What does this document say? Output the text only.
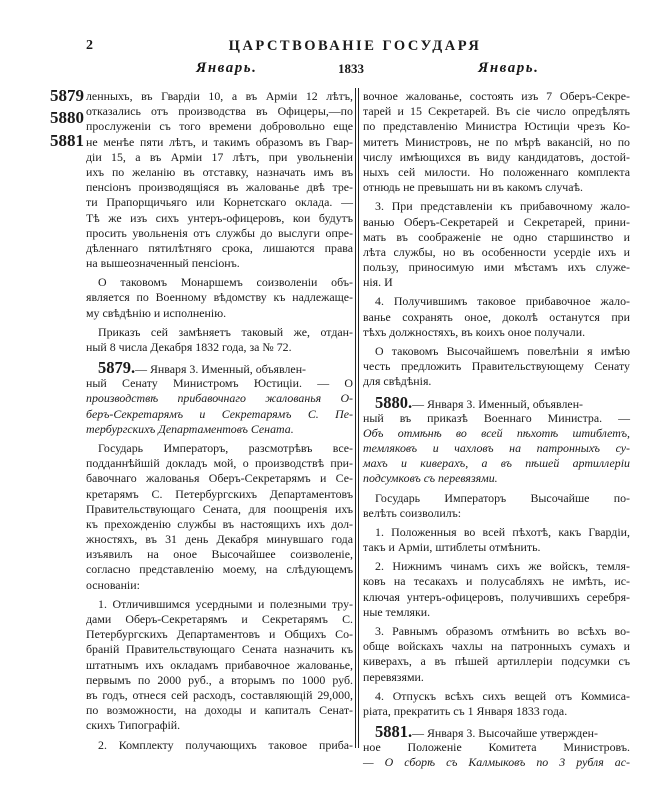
2	ЦАРСТВОВАНІЕ ГОСУДАРЯ
Январь.	1833	Январь.
5879
5880
5881
ленныхъ, въ Гвардіи 10, а въ Арміи 12 лѣтъ,
отказались отъ производства въ Офицеры,—по
прослуженіи съ того времени добровольно еще
не менѣе пяти лѣтъ, и такимъ образомъ въ Гвар-
діи 15, а въ Арміи 17 лѣтъ, при увольненіи
ихъ по желанію въ отставку, назначать имъ въ
пенсіонъ производящіяся въ жалованье двѣ тре-
ти Прапорщичьяго или Корнетскаго оклада. —
Тѣ же изъ сихъ унтеръ-офицеровъ, кои будутъ
просить увольненія отъ службы до выслуги опре-
дѣленнаго пятилѣтняго срока, лишаются права
на вышеозначенный пенсіонъ.
О таковомъ Монаршемъ соизволеніи объ-
является по Военному вѣдомству къ надлежаще-
му свѣдѣнію и исполненію.
Приказъ сей замѣняетъ таковый же, отдан-
ный 8 числа Декабря 1832 года, за № 72.
5879.— Января 3. Именный, объявлен-
ный Сенату Министромъ Юстиціи. — О
производствѣ прибавочнаго жалованья О-
беръ-Секретарямъ и Секретарямъ С. Пе-
тербургскихъ Департаментовъ Сената.
Государь Императоръ, разсмотрѣвъ все-
подданнѣйшій докладъ мой, о производствѣ при-
бавочнаго жалованья Оберъ-Секретарямъ и Се-
кретарямъ С. Петербургскихъ Департаментовъ
Правительствующаго Сената, для поощренія ихъ
къ прехожденію службы въ настоящихъ ихъ дол-
жностяхъ, въ 31 день Декабря минувшаго года
изъявилъ на оное Высочайшее соизволеніе,
согласно представленію моему, на слѣдующемъ
основаніи:
1. Отличившимся усердными и полезными тру-
дами Оберъ-Секретарямъ и Секретарямъ С.
Петербургскихъ Департаментовъ и Общихъ Со-
браній Правительствующаго Сената назначить къ
штатнымъ ихъ окладамъ прибавочное жалованье,
первымъ по 2000 руб., а вторымъ по 1000 руб.
въ годъ, отнеся сей расходъ, составляющій 29,000,
по возможности, на доходы и капиталъ Сенат-
скихъ Типографій.
2. Комплекту получающихъ таковое приба-
вочное жалованье, состоять изъ 7 Оберъ-Секре-
тарей и 15 Секретарей. Въ сіе число опредѣлять
по представленію Министра Юстиціи чрезъ Ко-
митетъ Министровъ, не по мѣрѣ вакансій, но по
числу имѣющихся въ виду кандидатовъ, достой-
ныхъ сей милости. Но положеннаго комплекта
отнюдь не превышать ни въ какомъ случаѣ.
3. При представленіи къ прибавочному жало-
ванью Оберъ-Секретарей и Секретарей, прини-
мать въ соображеніе не одно старшинство и
лѣта службы, но въ особенности усердіе ихъ и
пользу, приносимую ими мѣстамъ ихъ служе-
нія. И
4. Получившимъ таковое прибавочное жало-
ванье сохранять оное, доколѣ останутся при
тѣхъ должностяхъ, въ коихъ оное получали.
О таковомъ Высочайшемъ повелѣніи я имѣю
честь предложить Правительствующему Сенату
для свѣдѣнія.
5880.— Января 3. Именный, объявлен-
ный въ приказѣ Военнаго Министра. —
Объ отмѣнѣ во всей пѣхотѣ штиблетъ,
темляковъ и чахловъ на патронныхъ су-
махъ и киверахъ, а въ пѣшей артиллеріи
подсумковъ съ перевязями.
Государь Императоръ Высочайше по-
велѣть соизволилъ:
1. Положенныя во всей пѣхотѣ, какъ Гвардіи,
такъ и Арміи, штиблеты отмѣнить.
2. Нижнимъ чинамъ сихъ же войскъ, темля-
ковъ на тесакахъ и полусабляхъ не имѣть, ис-
ключая унтеръ-офицеровъ, получившихъ серебря-
ные темляки.
3. Равнымъ образомъ отмѣнить во всѣхъ во-
обще войскахъ чахлы на патронныхъ сумахъ и
киверахъ, а въ пѣшей артиллеріи подсумки съ
перевязями.
4. Отпускъ всѣхъ сихъ вещей отъ Коммиса-
ріата, прекратить съ 1 Января 1833 года.
5881.— Января 3. Высочайше утвержден-
ное Положеніе Комитета Министровъ.
— О сборѣ съ Калмыковъ по 3 рубля ас-
